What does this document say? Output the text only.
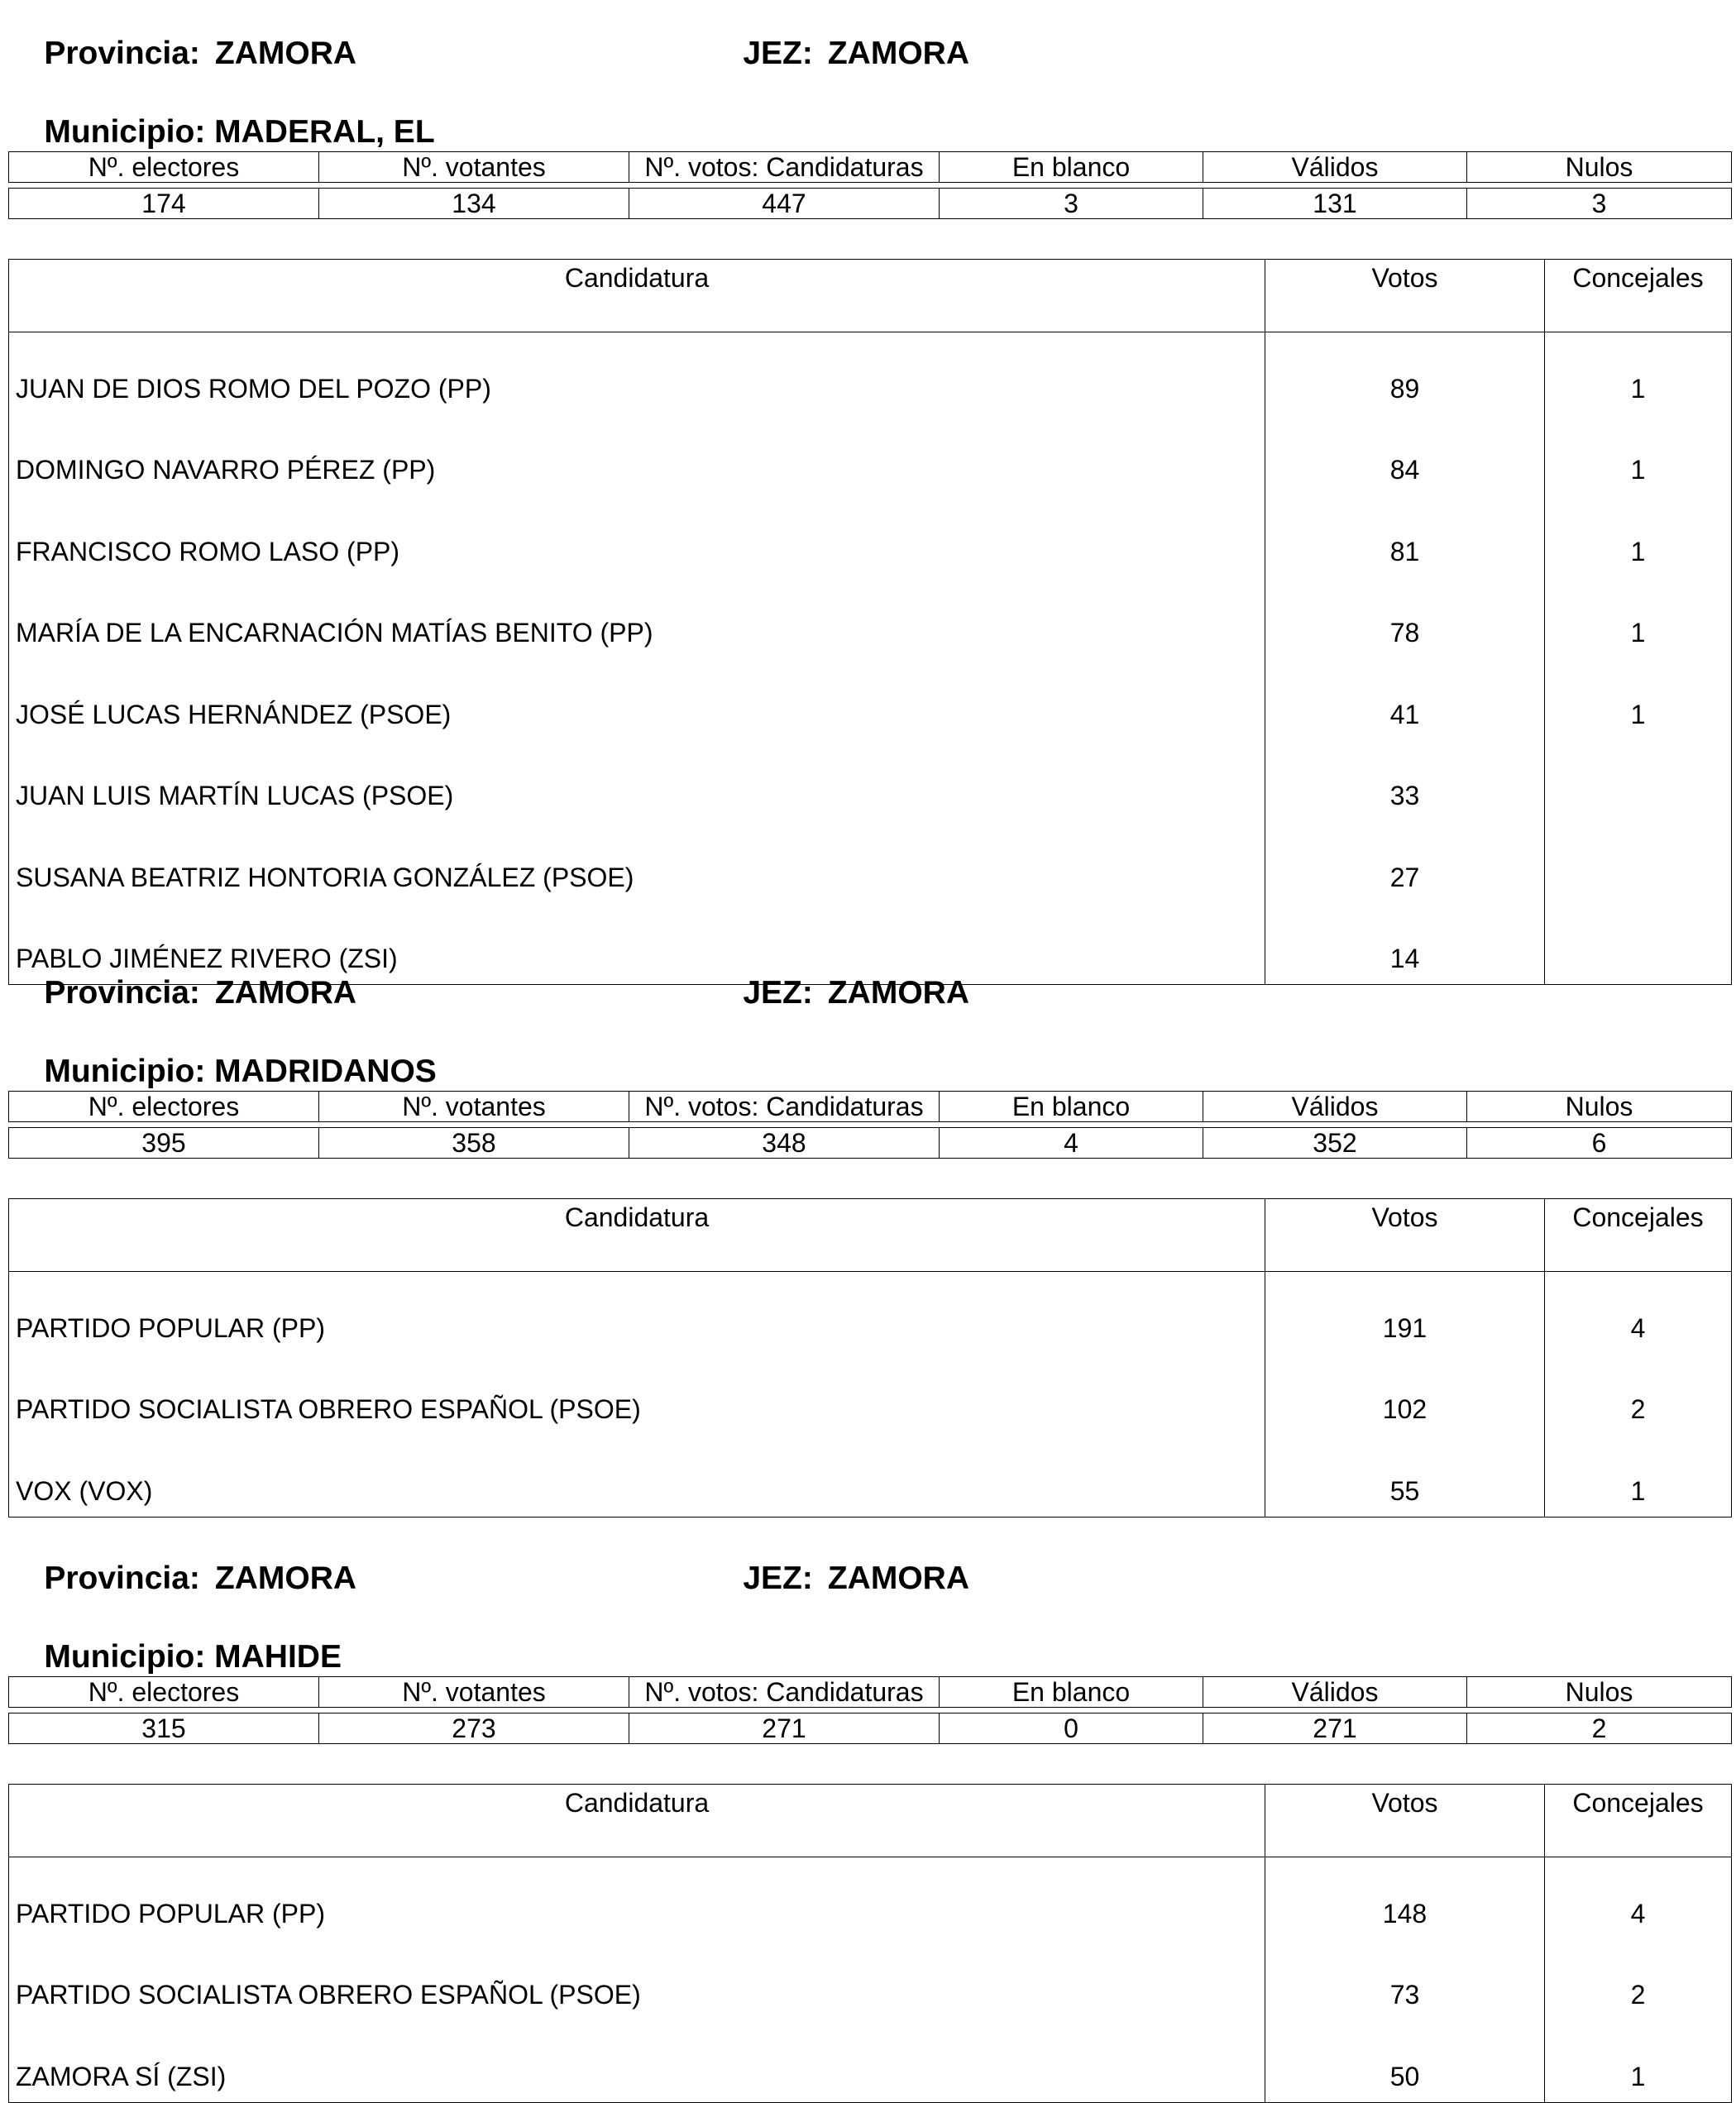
Provincia: ZAMORA
	JEZ: ZAMORA

Municipio: MADERAL, EL

Nº. electores	Nº. votantes	Nº. votos: Candidaturas	En blanco	Válidos	Nulos

174	134	447	3	131	3
Candidatura	Votos	Concejales
JUAN DE DIOS ROMO DEL POZO (PP)	89	1
DOMINGO NAVARRO PÉREZ (PP)	84	1
FRANCISCO ROMO LASO (PP)	81	1
MARÍA DE LA ENCARNACIÓN MATÍAS BENITO (PP)	78	1
JOSÉ LUCAS HERNÁNDEZ (PSOE)	41	1
JUAN LUIS MARTÍN LUCAS (PSOE)	33	
SUSANA BEATRIZ HONTORIA GONZÁLEZ (PSOE)	27	
PABLO JIMÉNEZ RIVERO (ZSI)	14	

Provincia: ZAMORA
	JEZ: ZAMORA

Municipio: MADRIDANOS

Nº. electores	Nº. votantes	Nº. votos: Candidaturas	En blanco	Válidos	Nulos

395	358	348	4	352	6
Candidatura	Votos	Concejales
PARTIDO POPULAR (PP)	191	4
PARTIDO SOCIALISTA OBRERO ESPAÑOL (PSOE)	102	2
VOX (VOX)	55	1

Provincia: ZAMORA
	JEZ: ZAMORA

Municipio: MAHIDE

Nº. electores	Nº. votantes	Nº. votos: Candidaturas	En blanco	Válidos	Nulos

315	273	271	0	271	2
Candidatura	Votos	Concejales
PARTIDO POPULAR (PP)	148	4
PARTIDO SOCIALISTA OBRERO ESPAÑOL (PSOE)	73	2
ZAMORA SÍ (ZSI)	50	1
